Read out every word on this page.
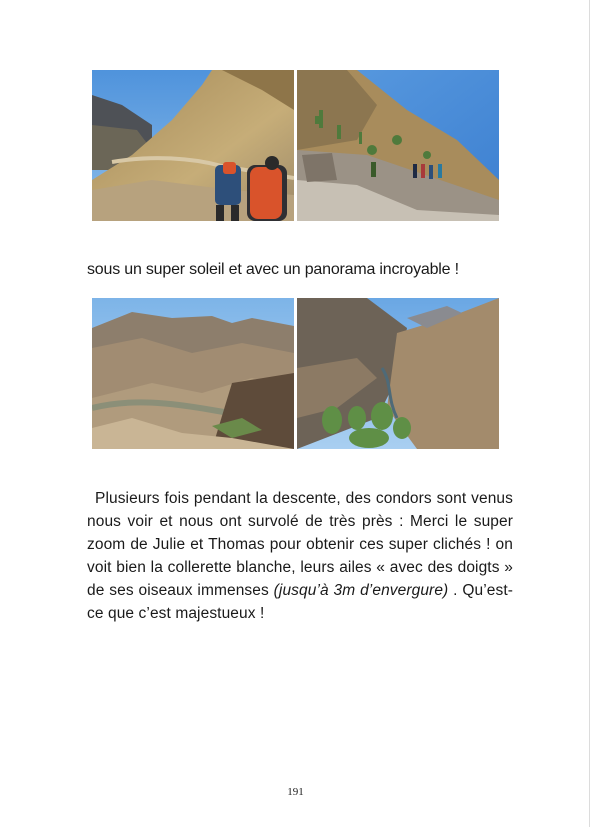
sous un super soleil et avec un panorama incroyable !
Plusieurs fois pendant la descente, des condors sont venus nous voir et nous ont survolé de très près : Merci le super zoom de Julie et Thomas pour obtenir ces super clichés ! on voit bien la collerette blanche, leurs ailes « avec des doigts » de ses oiseaux immenses (jusqu’à 3m d’envergure) . Qu’est-ce que c’est majestueux !
191
